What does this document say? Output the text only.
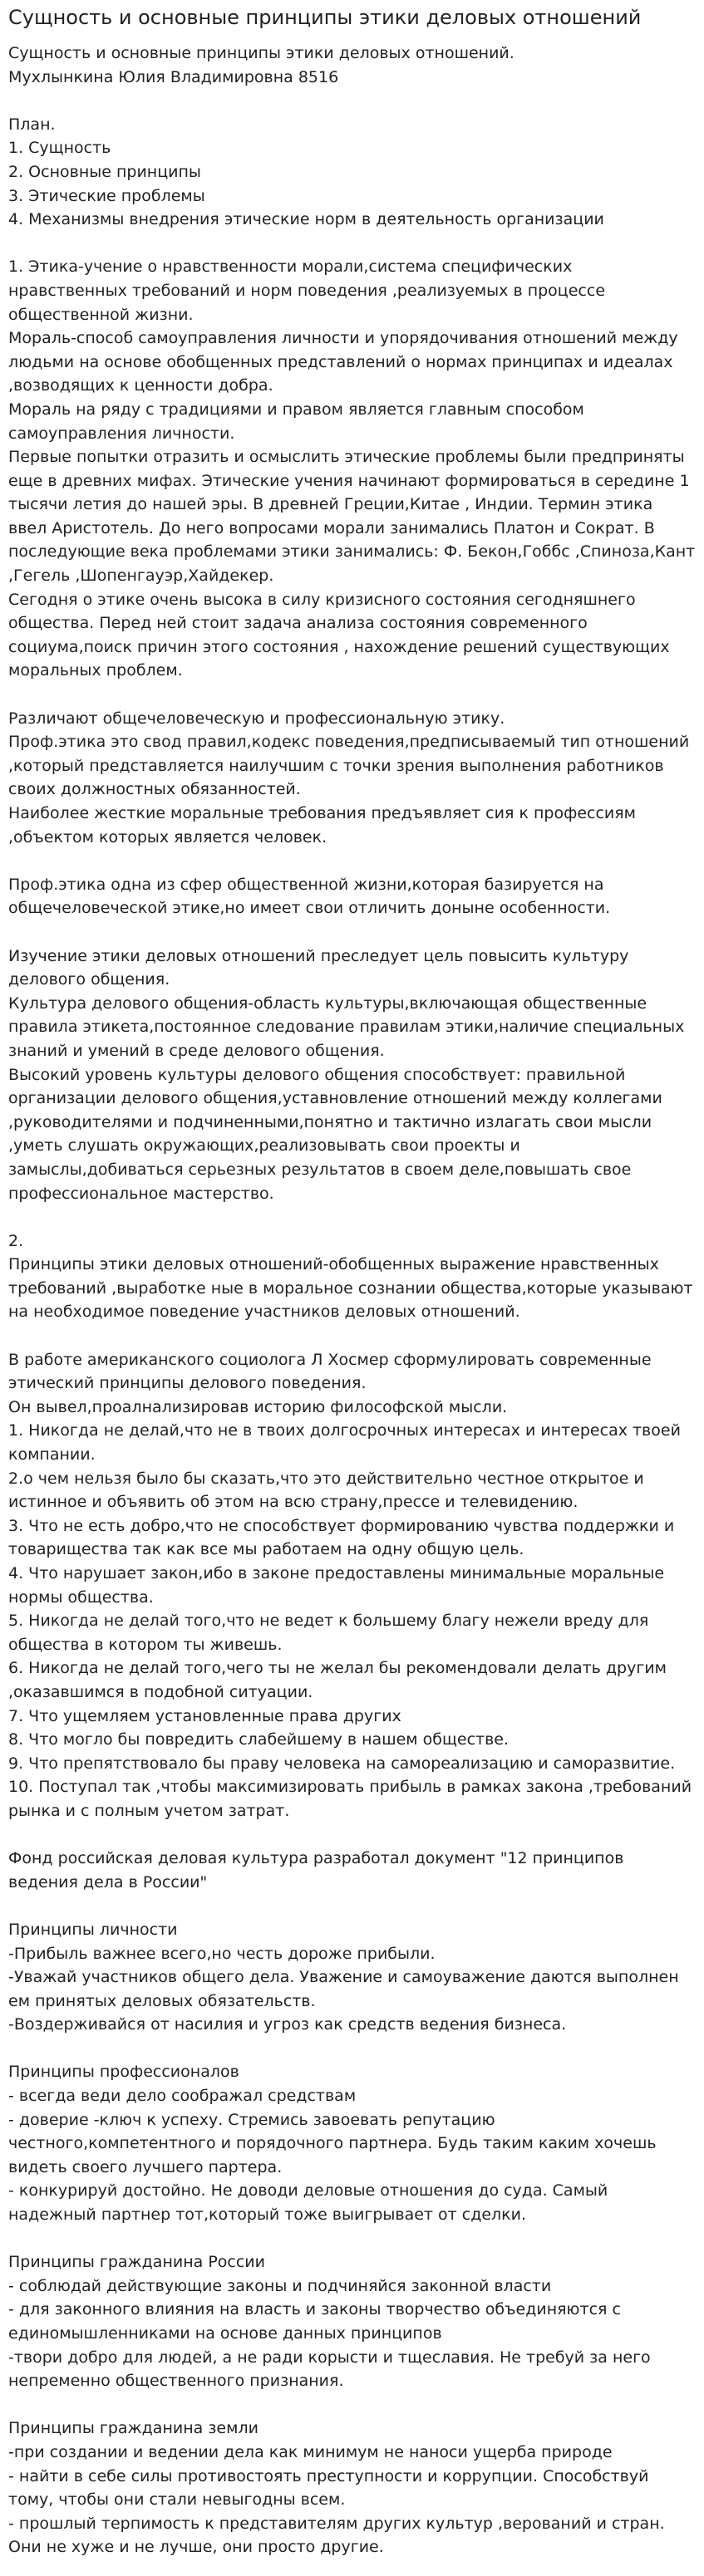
Сущность и основные принципы этики деловых отношений
Сущность и основные принципы этики деловых отношений.
Мухлынкина Юлия Владимировна 8516
План.
1. Сущность
2. Основные принципы
3. Этические проблемы
4. Механизмы внедрения этические норм в деятельность организации
1. Этика-учение о нравственности морали,система специфических нравственных требований и норм поведения ,реализуемых в процессе общественной жизни.
Мораль-способ самоуправления личности и упорядочивания отношений между людьми на основе обобщенных представлений о нормах принципах и идеалах ,возводящих к ценности добра.
Мораль на ряду с традициями и правом является главным способом самоуправления личности.
Первые попытки отразить и осмыслить этические проблемы были предприняты еще в древних мифах. Этические учения начинают формироваться в середине 1 тысячи летия до нашей эры. В древней Греции,Китае , Индии. Термин этика ввел Аристотель. До него вопросами морали занимались Платон и Сократ. В последующие века проблемами этики занимались: Ф. Бекон,Гоббс ,Спиноза,Кант ,Гегель ,Шопенгауэр,Хайдекер.
Сегодня о этике очень высока в силу кризисного состояния сегодняшнего общества. Перед ней стоит задача анализа состояния современного социума,поиск причин этого состояния , нахождение решений существующих моральных проблем.
Различают общечеловеческую и профессиональную этику.
Проф.этика это свод правил,кодекс поведения,предписываемый тип отношений ,который представляется наилучшим с точки зрения выполнения работников своих должностных обязанностей.
Наиболее жесткие моральные требования предъявляет сия к профессиям ,объектом которых является человек.
Проф.этика одна из сфер общественной жизни,которая базируется на общечеловеческой этике,но имеет свои отличить доныне особенности.
Изучение этики деловых отношений преследует цель повысить культуру делового общения.
Культура делового общения-область культуры,включающая общественные правила этикета,постоянное следование правилам этики,наличие специальных знаний и умений в среде делового общения.
Высокий уровень культуры делового общения способствует: правильной организации делового общения,уставновление отношений между коллегами ,руководителями и подчиненными,понятно и тактично излагать свои мысли ,уметь слушать окружающих,реализовывать свои проекты и замыслы,добиваться серьезных результатов в своем деле,повышать свое профессиональное мастерство.
2.
Принципы этики деловых отношений-обобщенных выражение нравственных требований ,выработке ные в моральное сознании общества,которые указывают на необходимое поведение участников деловых отношений.
В работе американского социолога Л Хосмер сформулировать современные этический принципы делового поведения.
Он вывел,проалнализировав историю философской мысли.
1. Никогда не делай,что не в твоих долгосрочных интересах и интересах твоей компании.
2.о чем нельзя было бы сказать,что это действительно честное открытое и истинное и объявить об этом на всю страну,прессе и телевидению.
3. Что не есть добро,что не способствует формированию чувства поддержки и товарищества так как все мы работаем на одну общую цель.
4. Что нарушает закон,ибо в законе предоставлены минимальные моральные нормы общества.
5. Никогда не делай того,что не ведет к большему благу нежели вреду для общества в котором ты живешь.
6. Никогда не делай того,чего ты не желал бы рекомендовали делать другим ,оказавшимся в подобной ситуации.
7. Что ущемляем установленные права других
8. Что могло бы повредить слабейшему в нашем обществе.
9. Что препятствовало бы праву человека на самореализацию и саморазвитие.
10. Поступал так ,чтобы максимизировать прибыль в рамках закона ,требований рынка и с полным учетом затрат.
Фонд российская деловая культура разработал документ "12 принципов ведения дела в России"
Принципы личности
-Прибыль важнее всего,но честь дороже прибыли.
-Уважай участников общего дела. Уважение и самоуважение даются выполнен ем принятых деловых обязательств.
-Воздерживайся от насилия и угроз как средств ведения бизнеса.
Принципы профессионалов
- всегда веди дело соображал средствам
- доверие -ключ к успеху. Стремись завоевать репутацию честного,компетентного и порядочного партнера. Будь таким каким хочешь видеть своего лучшего партера.
- конкурируй достойно. Не доводи деловые отношения до суда. Самый надежный партнер тот,который тоже выигрывает от сделки.
Принципы гражданина России
- соблюдай действующие законы и подчиняйся законной власти
- для законного влияния на власть и законы творчество объединяются с единомышленниками на основе данных принципов
-твори добро для людей, а не ради корысти и тщеславия. Не требуй за него непременно общественного признания.
Принципы гражданина земли
-при создании и ведении дела как минимум не наноси ущерба природе
- найти в себе силы противостоять преступности и коррупции. Способствуй тому, чтобы они стали невыгодны всем.
- прошлый терпимость к представителям других культур ,верований и стран. Они не хуже и не лучше, они просто другие.
